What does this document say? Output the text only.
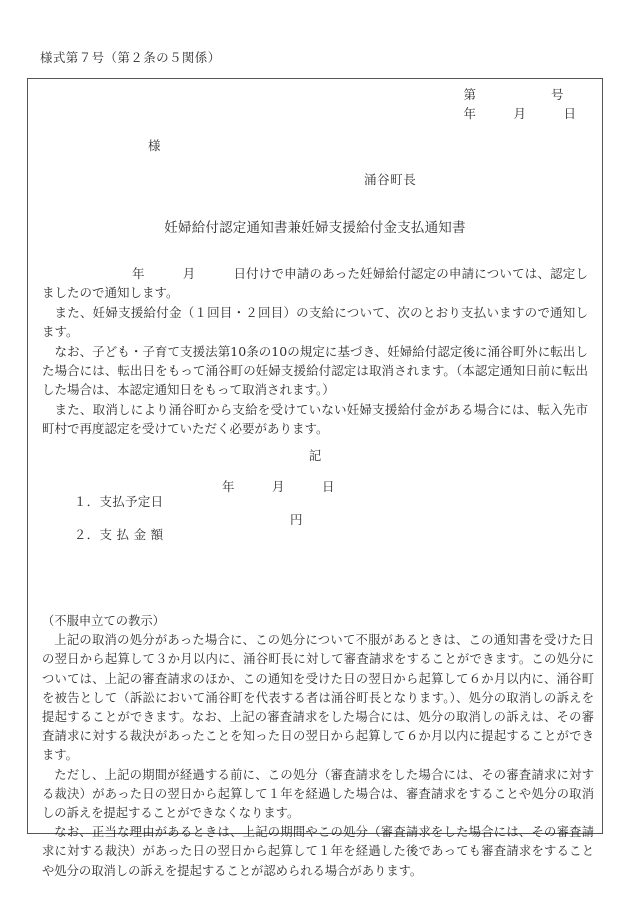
様式第７号（第２条の５関係）
第　　　　　　号
年　　　月　　　日
様
涌谷町長
妊婦給付認定通知書兼妊婦支援給付金支払通知書

年　　　月　　　日付けで申請のあった妊婦給付認定の申請については、認定しましたので通知します。

また、妊婦支援給付金（１回目・２回目）の支給について、次のとおり支払いますので通知します。

なお、子ども・子育て支援法第10条の10の規定に基づき、妊婦給付認定後に涌谷町外に転出した場合には、転出日をもって涌谷町の妊婦支援給付認定は取消されます。（本認定通知日前に転出した場合は、本認定通知日をもって取消されます。）

また、取消しにより涌谷町から支給を受けていない妊婦支援給付金がある場合には、転入先市町村で再度認定を受けていただく必要があります。

記

１．支払予定日

年　　　月　　　日

２．支 払 金 額

円

（不服申立ての教示）

上記の取消の処分があった場合に、この処分について不服があるときは、この通知書を受けた日の翌日から起算して３か月以内に、涌谷町長に対して審査請求をすることができます。この処分については、上記の審査請求のほか、この通知を受けた日の翌日から起算して６か月以内に、涌谷町を被告として（訴訟において涌谷町を代表する者は涌谷町長となります。）、処分の取消しの訴えを提起することができます。なお、上記の審査請求をした場合には、処分の取消しの訴えは、その審査請求に対する裁決があったことを知った日の翌日から起算して６か月以内に提起することができます。

ただし、上記の期間が経過する前に、この処分（審査請求をした場合には、その審査請求に対する裁決）があった日の翌日から起算して１年を経過した場合は、審査請求をすることや処分の取消しの訴えを提起することができなくなります。

なお、正当な理由があるときは、上記の期間やこの処分（審査請求をした場合には、その審査請求に対する裁決）があった日の翌日から起算して１年を経過した後であっても審査請求をすることや処分の取消しの訴えを提起することが認められる場合があります。
